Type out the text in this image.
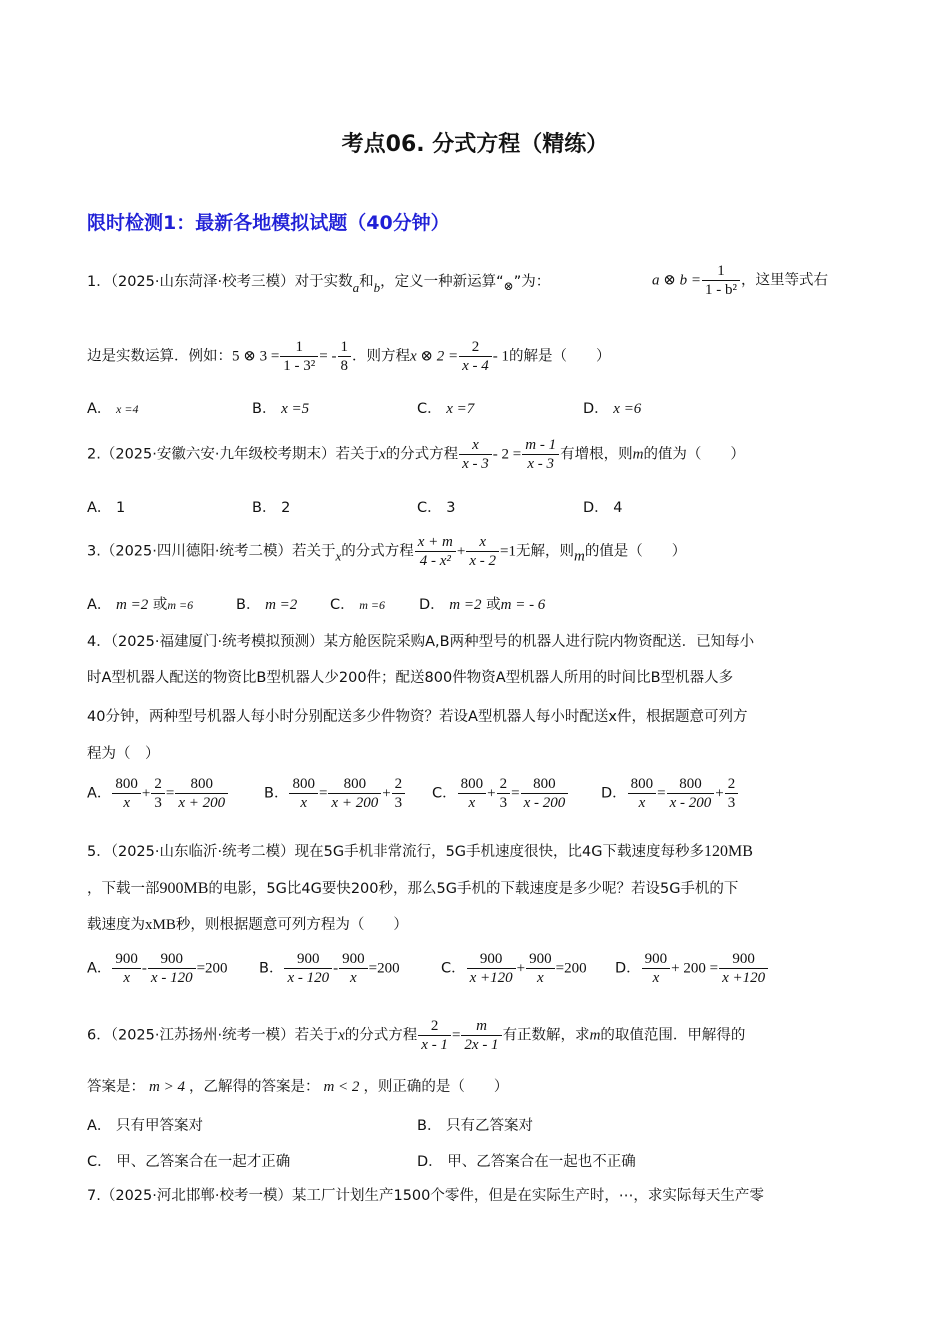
考点06. 分式方程（精练）
限时检测1：最新各地模拟试题（40分钟）
1．（2025·山东菏泽·校考三模）对于实数a和b，定义一种新运算“$_\otimes$”为：	a ⊗ $b = \frac{1}{\text{1 - b²}}$ ，这里等式右
边是实数运算．例如：5 ⊗ $3 = \frac{1}{\text{1 - 3²}}$ = - $\frac{1}{8}$ ．则方程x ⊗ $2 = \frac{2}{x - 4} - 1$的解是（　　）
A． x =4	B． x =5	C． x =7	D． x =6
2.（2025·安徽六安·九年级校考期末）若关于x的分式方程 $\frac{x}{x - 3} - 2 = \frac{m - 1}{x - 3}$ 有增根，则m的值为（　　）
A． 1	B． 2	C． 3	D． 4
3.（2025·四川德阳·统考二模）若关于x的分式方程 $\frac{x + m}{\text{4 - x²}} + \frac{x}{x - 2} =1$无解，则m的值是（　　）
A． m =2 或m =6	B． m =2 C． m =6 D． m =2 或m = - 6
4．（2025·福建厦门·统考模拟预测）某方舱医院采购A,B两种型号的机器人进行院内物资配送．已知每小
时A型机器人配送的物资比B型机器人少200件；配送800件物资A型机器人所用的时间比B型机器人多
40分钟，两种型号机器人每小时分别配送多少件物资？若设A型机器人每小时配送x件，根据题意可列方
程为（　）
A． $\frac{800}{x} + \frac{2}{3} = \frac{800}{x + 200}$ B． $\frac{800}{x} = \frac{800}{x + 200} + \frac{2}{3}$ C． $\frac{800}{x} + \frac{2}{3} = \frac{800}{x - 200}$ D． $\frac{800}{x} = \frac{800}{x - 200} + \frac{2}{3}$
5．（2025·山东临沂·统考二模）现在5G手机非常流行，5G手机速度很快，比4G下载速度每秒多120MB
，下载一部900MB的电影，5G比4G要快200秒，那么5G手机的下载速度是多少呢？若设5G手机的下
载速度为xMB秒，则根据题意可列方程为（　　）
A． $\frac{900}{x} - \frac{900}{x - 120} =200$ B． $\frac{900}{x - 120} - \frac{900}{x} =200$	C． $\frac{900}{x +120} + \frac{900}{x} =200$ D． $\frac{900}{x} + 200 = \frac{900}{x +120}$
6．（2025·江苏扬州·统考一模）若关于x的分式方程 $\frac{2}{x - 1} = \frac{m}{2x - 1}$ 有正数解，求m的取值范围．甲解得的
答案是： m > 4 ，乙解得的答案是： m < 2 ，则正确的是（　　）
A． 只有甲答案对	B． 只有乙答案对
C． 甲、乙答案合在一起才正确	D． 甲、乙答案合在一起也不正确
7.（2025·河北邯郸·校考一模）某工厂计划生产1500个零件，但是在实际生产时，⋯，求实际每天生产零
